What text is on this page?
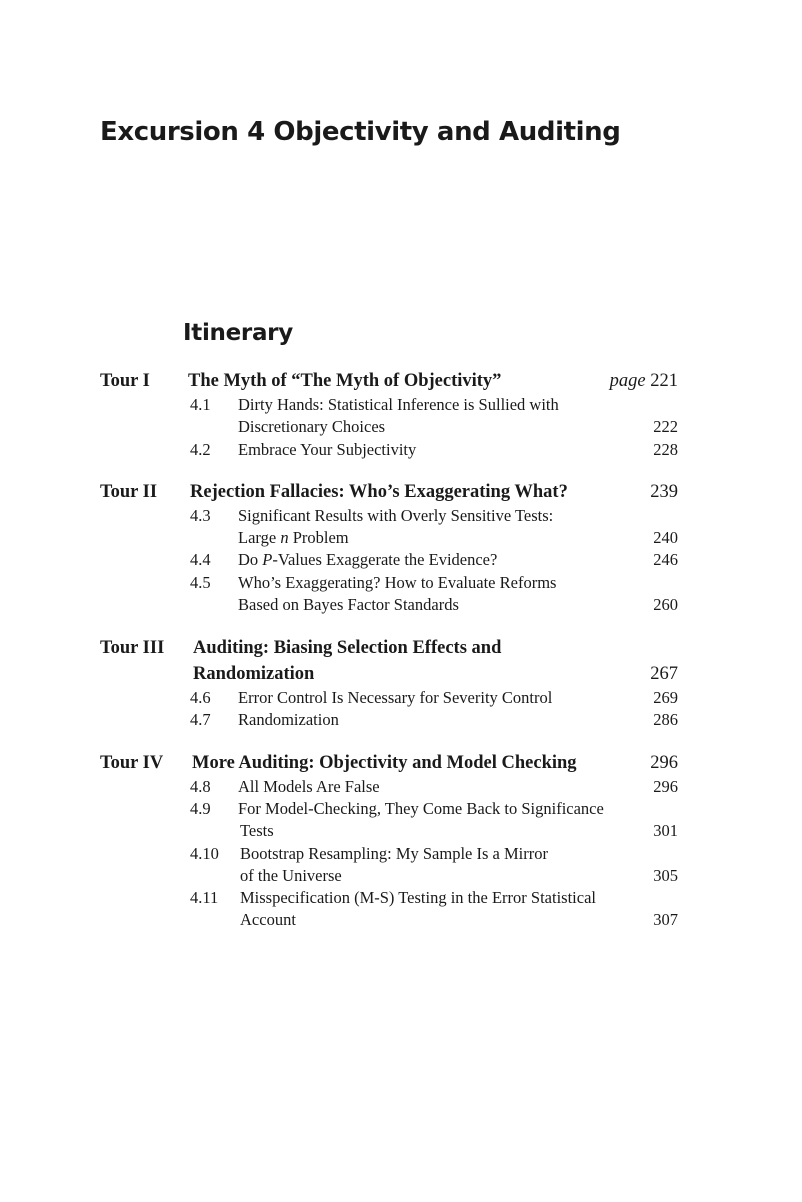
Excursion 4 Objectivity and Auditing
Itinerary
Tour I The Myth of “The Myth of Objectivity”	page 221
4.1 Dirty Hands: Statistical Inference is Sullied with
Discretionary Choices	222
4.2 Embrace Your Subjectivity	228
Tour II Rejection Fallacies: Who’s Exaggerating What?	239
4.3 Significant Results with Overly Sensitive Tests:
Large n Problem	240
4.4 Do P-Values Exaggerate the Evidence?	246
4.5 Who’s Exaggerating? How to Evaluate Reforms
Based on Bayes Factor Standards	260
Tour III Auditing: Biasing Selection Effects and
Randomization	267
4.6 Error Control Is Necessary for Severity Control	269
4.7 Randomization	286
Tour IV More Auditing: Objectivity and Model Checking	296
4.8 All Models Are False	296
4.9 For Model-Checking, They Come Back to Significance
Tests	301
4.10 Bootstrap Resampling: My Sample Is a Mirror
of the Universe	305
4.11 Misspecification (M-S) Testing in the Error Statistical
Account	307
